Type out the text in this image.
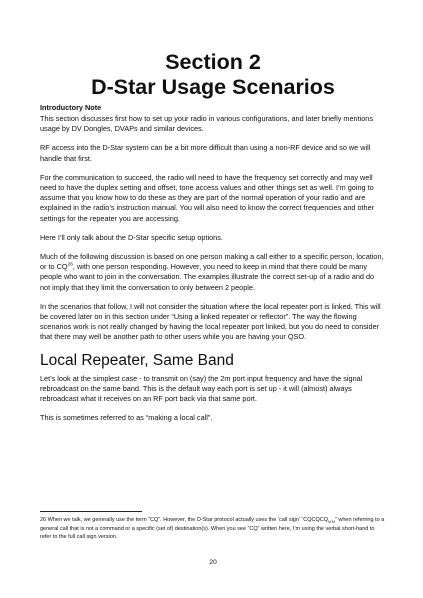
Section 2
D-Star Usage Scenarios
Introductory Note

This section discusses first how to set up your radio in various configurations, and later briefly mentions usage by DV Dongles, DVAPs and similar devices.

RF access into the D-Star system can be a bit more difficult than using a non-RF device and so we will handle that first.

For the communication to succeed, the radio will need to have the frequency set correctly and may well need to have the duplex setting and offset, tone access values and other things set as well. I’m going to assume that you know how to do these as they are part of the normal operation of your radio and are explained in the radio’s instruction manual. You will also need to know the correct frequencies and other settings for the repeater you are accessing.

Here I’ll only talk about the D-Star specific setup options.

Much of the following discussion is based on one person making a call either to a specific person, location, or to CQ$^{26}$, with one person responding. However, you need to keep in mind that there could be many people who want to join in the conversation. The examples illustrate the correct set-up of a radio and do not imply that they limit the conversation to only between 2 people.

In the scenarios that follow, I will not consider the situation where the local repeater port is linked. This will be covered later on in this section under “Using a linked repeater or reflector”. The way the flowing scenarios work is not really changed by having the local repeater port linked, but you do need to consider that there may well be another path to other users while you are having your QSO.

Local Repeater, Same Band

Let’s look at the simplest case - to transmit on (say) the 2m port input frequency and have the signal rebroadcast on the same band. This is the default way each port is set up - it will (almost) always rebroadcast what it receives on an RF port back via that same port.

This is sometimes referred to as “making a local call”.

26 When we talk, we generally use the term “CQ”. However, the D-Star protocol actually uses the ‘call sign’ “CQCQCQ␣␣” when referring to a general call that is not a command or a specific (set of) destination(s). When you see “CQ” written here, I’m using the verbal short-hand to refer to the full call sign version.

20
